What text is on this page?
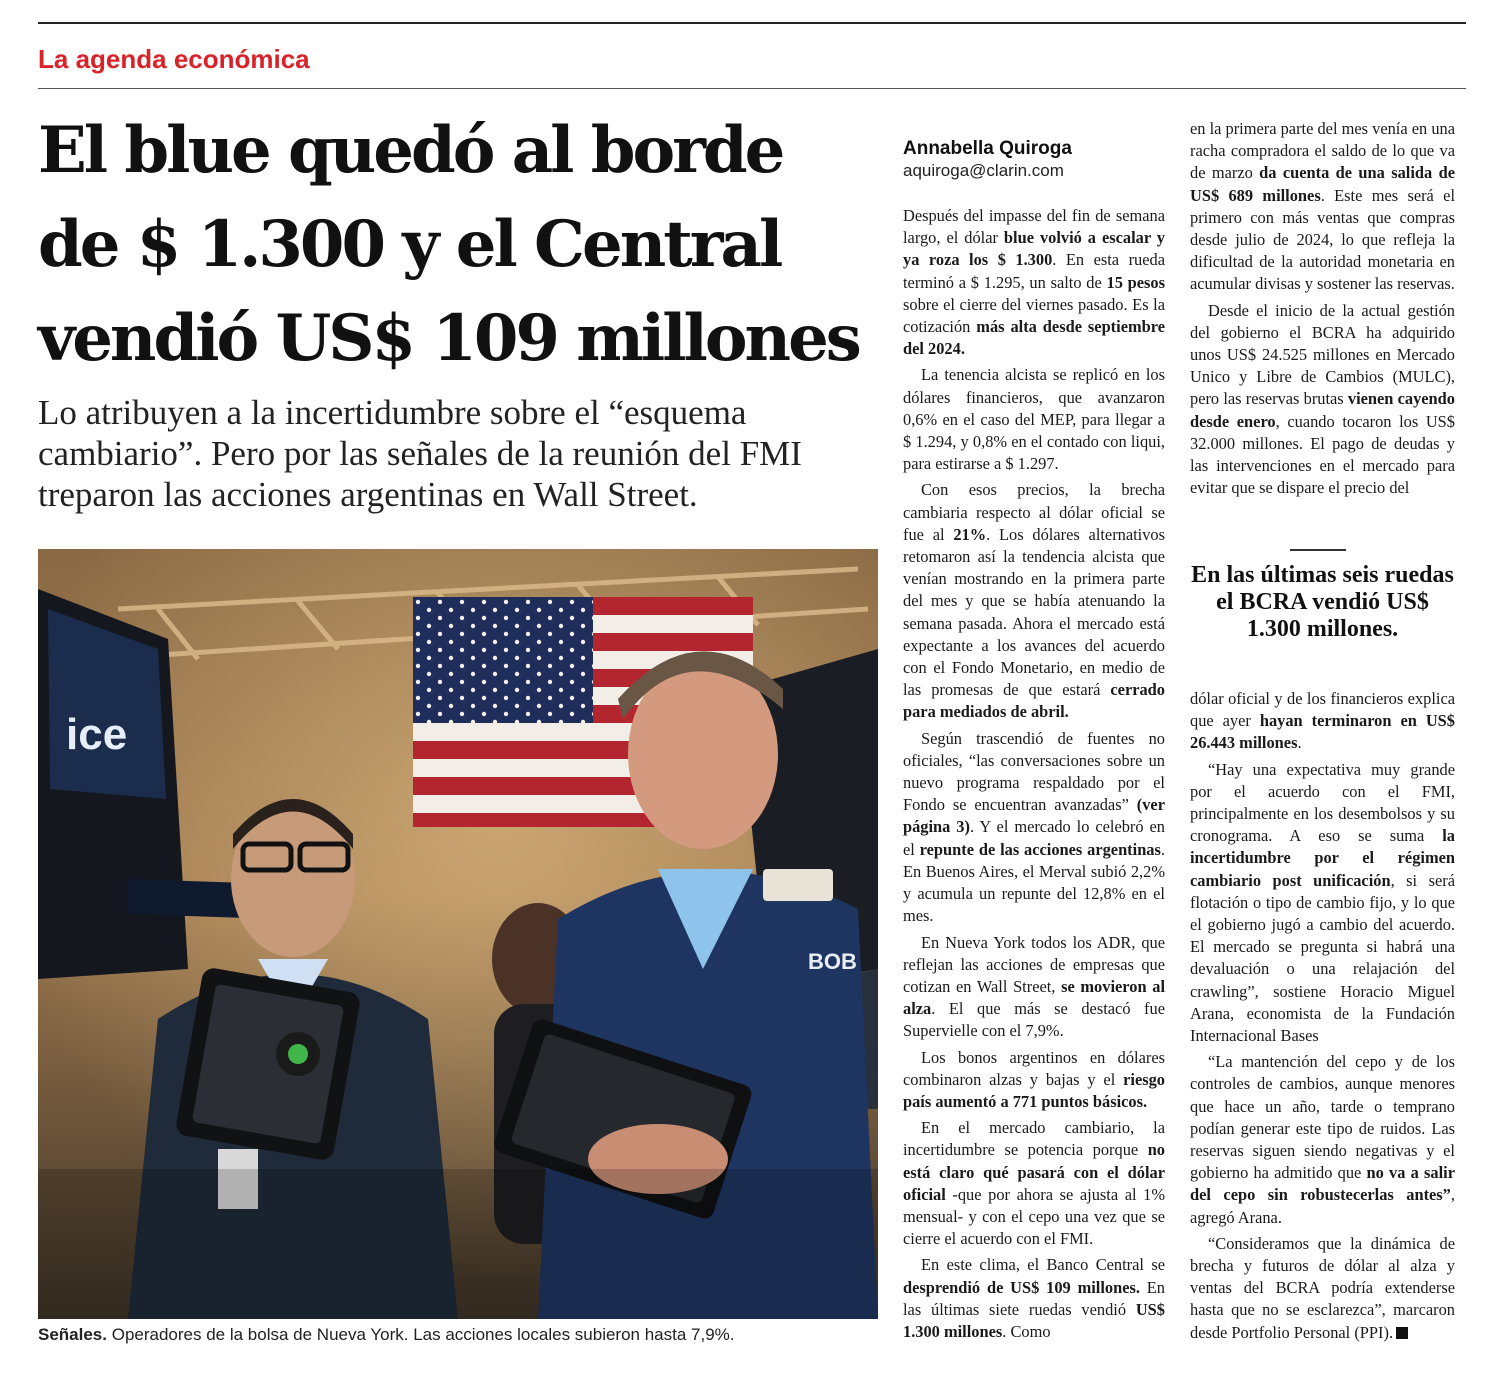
La agenda económica
El blue quedó al borde
de $ 1.300 y el Central
vendió US$ 109 millones
Lo atribuyen a la incertidumbre sobre el “esquema cambiario”. Pero por las señales de la reunión del FMI treparon las acciones argentinas en Wall Street.
ice
BOB
Señales. Operadores de la bolsa de Nueva York. Las acciones locales subieron hasta 7,9%.
Annabella Quiroga
aquiroga@clarin.com

Después del impasse del fin de semana largo, el dólar blue volvió a escalar y ya roza los $ 1.300. En esta rueda terminó a $ 1.295, un salto de 15 pesos sobre el cierre del viernes pasado. Es la cotización más alta desde septiembre del 2024.

La tenencia alcista se replicó en los dólares financieros, que avanzaron 0,6% en el caso del MEP, para llegar a $ 1.294, y 0,8% en el contado con liqui, para estirarse a $ 1.297.

Con esos precios, la brecha cambiaria respecto al dólar oficial se fue al 21%. Los dólares alternativos retomaron así la tendencia alcista que venían mostrando en la primera parte del mes y que se había atenuando la semana pasada. Ahora el mercado está expectante a los avances del acuerdo con el Fondo Monetario, en medio de las promesas de que estará cerrado para mediados de abril.

Según trascendió de fuentes no oficiales, “las conversaciones sobre un nuevo programa respaldado por el Fondo se encuentran avanzadas” (ver página 3). Y el mercado lo celebró en el repunte de las acciones argentinas. En Buenos Aires, el Merval subió 2,2% y acumula un repunte del 12,8% en el mes.

En Nueva York todos los ADR, que reflejan las acciones de empresas que cotizan en Wall Street, se movieron al alza. El que más se destacó fue Supervielle con el 7,9%.

Los bonos argentinos en dólares combinaron alzas y bajas y el riesgo país aumentó a 771 puntos básicos.

En el mercado cambiario, la incertidumbre se potencia porque no está claro qué pasará con el dólar oficial -que por ahora se ajusta al 1% mensual- y con el cepo una vez que se cierre el acuerdo con el FMI.

En este clima, el Banco Central se desprendió de US$ 109 millones. En las últimas siete ruedas vendió US$ 1.300 millones. Como

en la primera parte del mes venía en una racha compradora el saldo de lo que va de marzo da cuenta de una salida de US$ 689 millones. Este mes será el primero con más ventas que compras desde julio de 2024, lo que refleja la dificultad de la autoridad monetaria en acumular divisas y sostener las reservas.

Desde el inicio de la actual gestión del gobierno el BCRA ha adquirido unos US$ 24.525 millones en Mercado Unico y Libre de Cambios (MULC), pero las reservas brutas vienen cayendo desde enero, cuando tocaron los US$ 32.000 millones. El pago de deudas y las intervenciones en el mercado para evitar que se dispare el precio del

En las últimas seis ruedas el BCRA vendió US$ 1.300 millones.

dólar oficial y de los financieros explica que ayer hayan terminaron en US$ 26.443 millones.

“Hay una expectativa muy grande por el acuerdo con el FMI, principalmente en los desembolsos y su cronograma. A eso se suma la incertidumbre por el régimen cambiario post unificación, si será flotación o tipo de cambio fijo, y lo que el gobierno jugó a cambio del acuerdo. El mercado se pregunta si habrá una devaluación o una relajación del crawling”, sostiene Horacio Miguel Arana, economista de la Fundación Internacional Bases

“La mantención del cepo y de los controles de cambios, aunque menores que hace un año, tarde o temprano podían generar este tipo de ruidos. Las reservas siguen siendo negativas y el gobierno ha admitido que no va a salir del cepo sin robustecerlas antes”, agregó Arana.

“Consideramos que la dinámica de brecha y futuros de dólar al alza y ventas del BCRA podría extenderse hasta que no se esclarezca”, marcaron desde Portfolio Personal (PPI).
